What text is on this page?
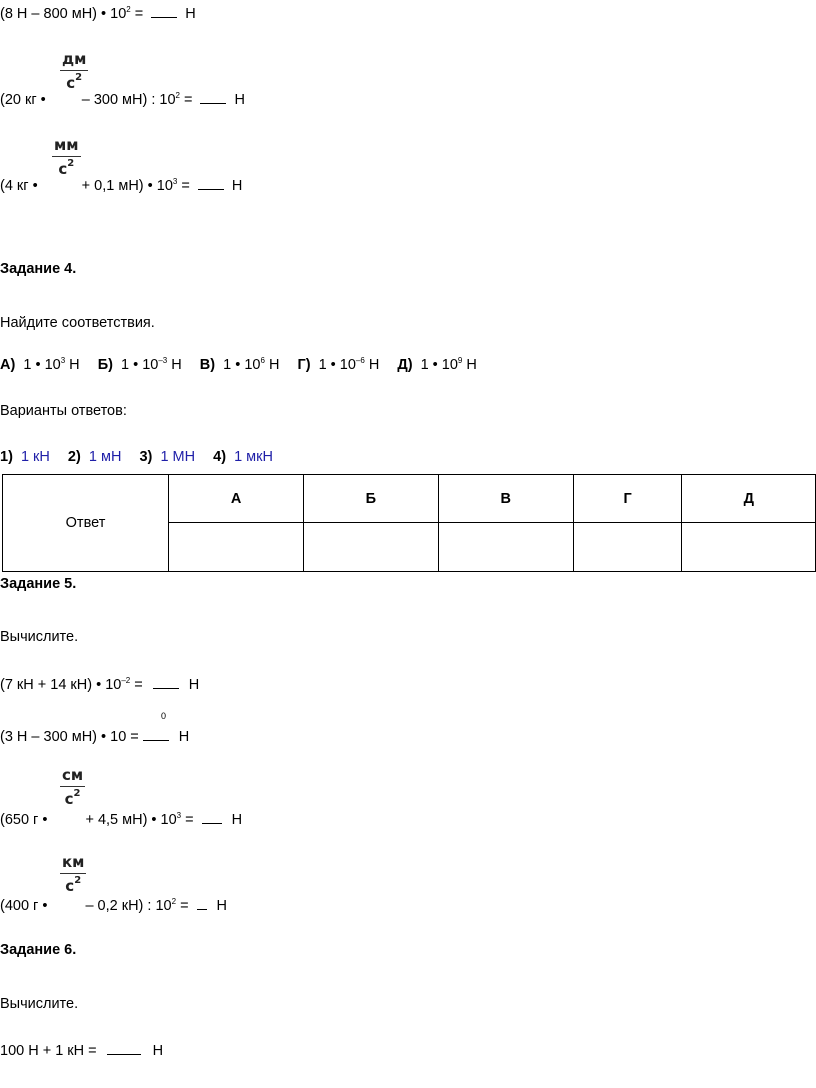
(8 Н – 800 мН) • $10^2$ =	Н
дм
$с^2$
(20 кг • – 300 мН) : $10^2$ =	Н
мм
$с^2$
(4 кг •	+ 0,1 мН) • $10^3$ =	Н
Задание 4.
Найдите соответствия.
А) 1 • $10^3$ Н Б) 1 • $10^{-3}$ Н В) 1 • $10^6$ Н Г) 1 • $10^{-6}$ Н Д) 1 • $10^9$ Н
Варианты ответов:
1) 1 кН 2) 1 мН 3) 1 МН 4) 1 мкН
Ответ	А	Б	В	Г	Д

Задание 5.
Вычислите.
(7 кН + 14 кН) • $10^{-2}$ =	Н
0
(3 Н – 300 мН) • 10 =	Н
см
$с^2$
(650 г •	+ 4,5 мН) • $10^3$ =	Н
км
$с^2$
(400 г •	– 0,2 кН) : $10^2 = Н$
Задание 6.
Вычислите.
100 Н + 1 кН =	Н
